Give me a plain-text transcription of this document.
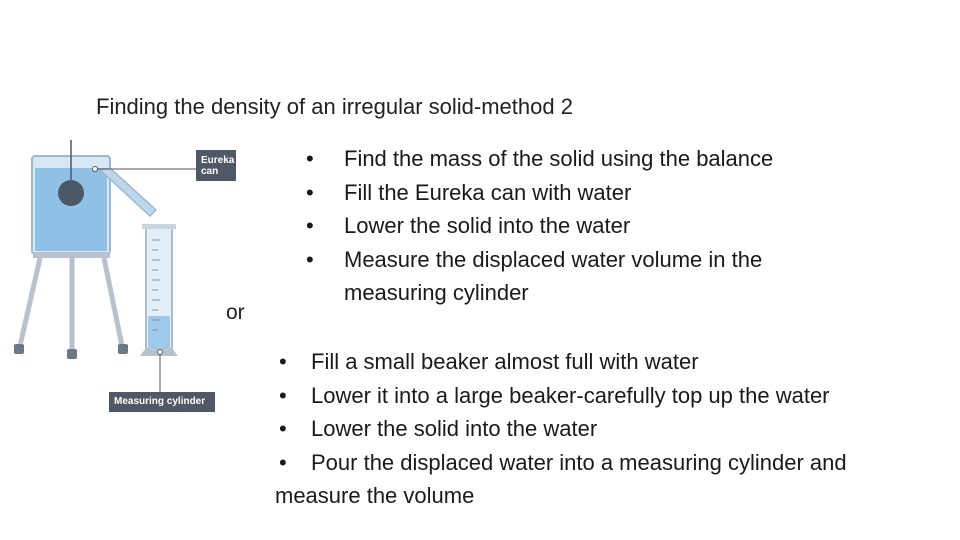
Finding the density of an irregular solid-method 2
Eureka
can
Measuring cylinder
or
• Find the mass of the solid using the balance
• Fill the Eureka can with water
• Lower the solid into the water
• Measure the displaced water volume in the
measuring cylinder
• Fill a small beaker almost full with water
• Lower it into a large beaker-carefully top up the water
• Lower the solid into the water
• Pour the displaced water into a measuring cylinder and
measure the volume
